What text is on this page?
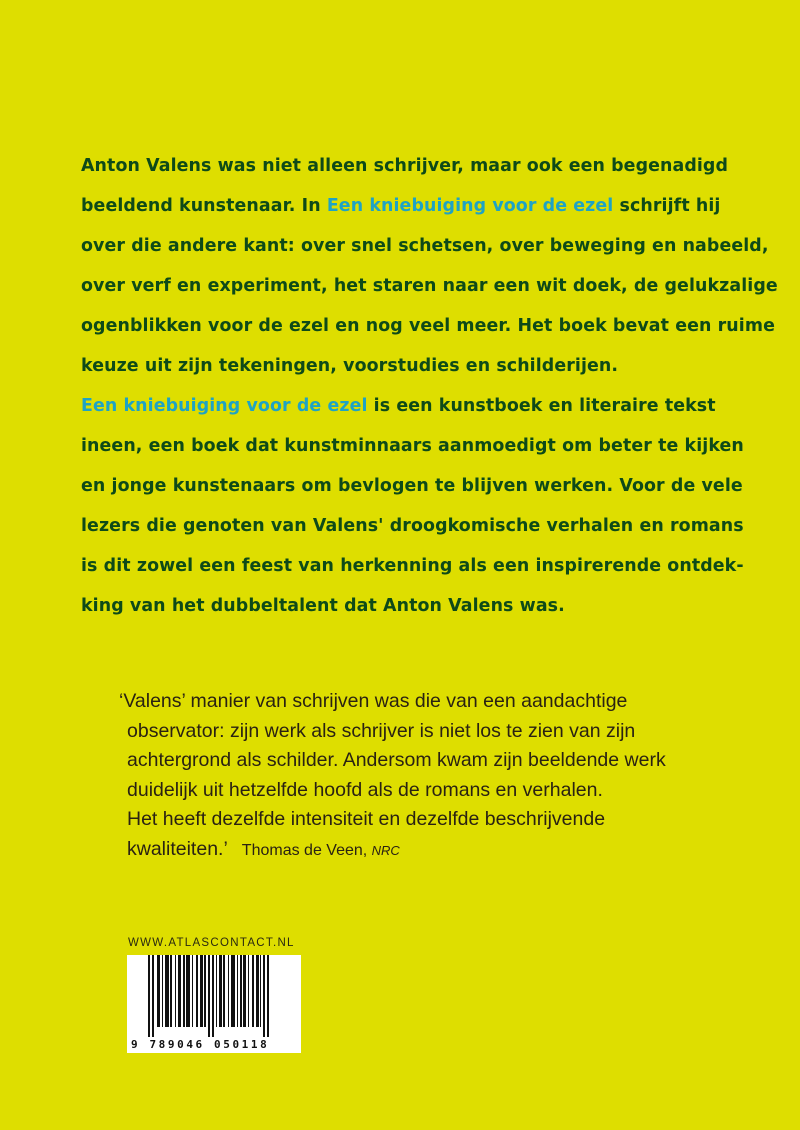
Anton Valens was niet alleen schrijver, maar ook een begenadigd
beeldend kunstenaar. In Een kniebuiging voor de ezel schrijft hij
over die andere kant: over snel schetsen, over beweging en nabeeld,
over verf en experiment, het staren naar een wit doek, de gelukzalige
ogenblikken voor de ezel en nog veel meer. Het boek bevat een ruime
keuze uit zijn tekeningen, voorstudies en schilderijen.
Een kniebuiging voor de ezel is een kunstboek en literaire tekst
ineen, een boek dat kunstminnaars aanmoedigt om beter te kijken
en jonge kunstenaars om bevlogen te blijven werken. Voor de vele
lezers die genoten van Valens' droogkomische verhalen en romans
is dit zowel een feest van herkenning als een inspirerende ontdek-
king van het dubbeltalent dat Anton Valens was.
‘Valens’ manier van schrijven was die van een aandachtige
observator: zijn werk als schrijver is niet los te zien van zijn
achtergrond als schilder. Andersom kwam zijn beeldende werk
duidelijk uit hetzelfde hoofd als de romans en verhalen.
Het heeft dezelfde intensiteit en dezelfde beschrijvende
kwaliteiten.’ Thomas de Veen, NRC
WWW.ATLASCONTACT.NL
9 789046 050118
